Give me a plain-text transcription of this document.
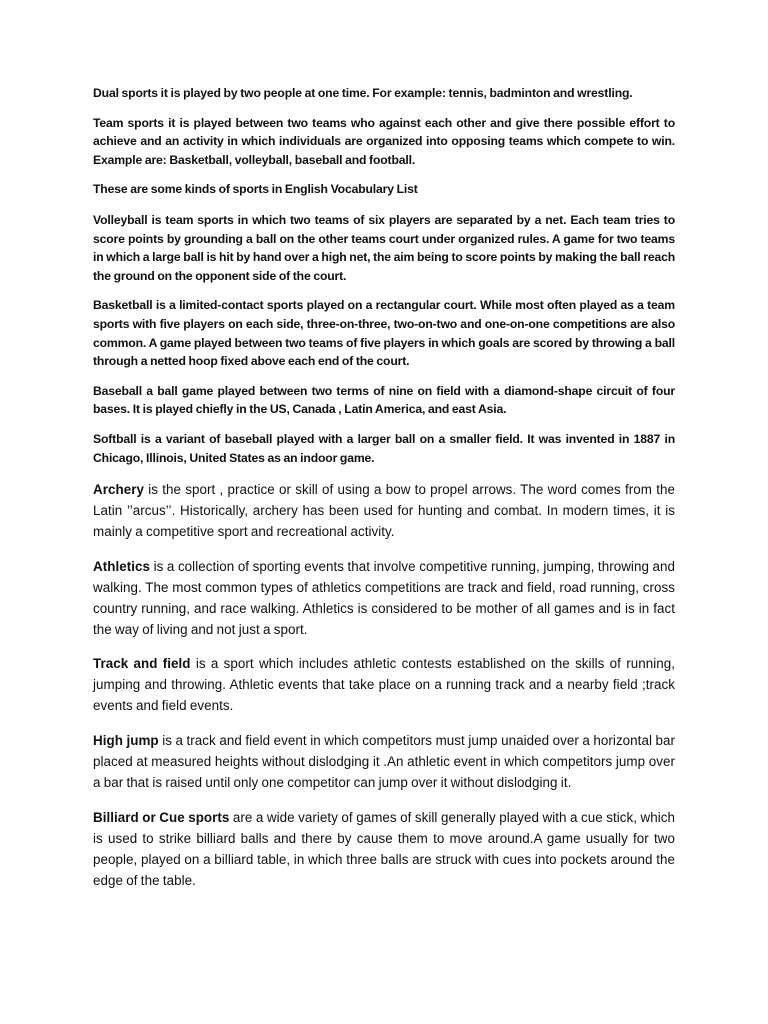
Dual sports it is played by two people at one time. For example: tennis, badminton and wrestling.

Team sports it is played between two teams who against each other and give there possible effort to achieve and an activity in which individuals are organized into opposing teams which compete to win. Example are: Basketball, volleyball, baseball and football.

These are some kinds of sports in English Vocabulary List

Volleyball is team sports in which two teams of six players are separated by a net. Each team tries to score points by grounding a ball on the other teams court under organized rules. A game for two teams in which a large ball is hit by hand over a high net, the aim being to score points by making the ball reach the ground on the opponent side of the court.

Basketball is a limited-contact sports played on a rectangular court. While most often played as a team sports with five players on each side, three-on-three, two-on-two and one-on-one competitions are also common. A game played between two teams of five players in which goals are scored by throwing a ball through a netted hoop fixed above each end of the court.

Baseball a ball game played between two terms of nine on field with a diamond-shape circuit of four bases. It is played chiefly in the US, Canada , Latin America, and east Asia.

Softball is a variant of baseball played with a larger ball on a smaller field. It was invented in 1887 in Chicago, Illinois, United States as an indoor game.

Archery is the sport , practice or skill of using a bow to propel arrows. The word comes from the Latin ’’arcus’’. Historically, archery has been used for hunting and combat. In modern times, it is mainly a competitive sport and recreational activity.

Athletics is a collection of sporting events that involve competitive running, jumping, throwing and walking. The most common types of athletics competitions are track and field, road running, cross country running, and race walking. Athletics is considered to be mother of all games and is in fact the way of living and not just a sport.

Track and field is a sport which includes athletic contests established on the skills of running, jumping and throwing. Athletic events that take place on a running track and a nearby field ;track events and field events.

High jump is a track and field event in which competitors must jump unaided over a horizontal bar placed at measured heights without dislodging it .An athletic event in which competitors jump over a bar that is raised until only one competitor can jump over it without dislodging it.

Billiard or Cue sports are a wide variety of games of skill generally played with a cue stick, which is used to strike billiard balls and there by cause them to move around.A game usually for two people, played on a billiard table, in which three balls are struck with cues into pockets around the edge of the table.
